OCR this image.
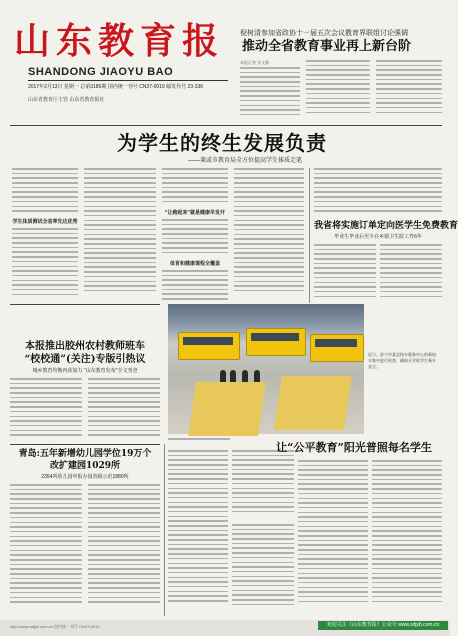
山东教育报
SHANDONG JIAOYU BAO
2017年2月13日 星期一 总第3186期 国内统一刊号 CN37-0019 邮发代号 23-336
山东省教育厅主管 山东省教育报社
倪树清参加省政协十一届五次会议教育界联组讨论强调
推动全省教育事业再上新台阶
本报记者 张文静
为学生的终生发展负责
——莱或市教育局全方位提高学生体质走笔
学生体质测试全省率先达优秀
“让跑起来”就是健康早发开
体育和健康课程全覆盖
我省将实施订单定向医学生免费教育
毕业生毕业后至少在乡镇卫生院工作6年
近日，济宁市某县校车服务中心的新校车集中进行检查，确保开学时学生乘车安全。
本报推出胶州农村教师班车
“校校通”(关注)专版引热议
城乡教育均衡再获加力 "山东教育发布"全文刊登
青岛:五年新增幼儿园学位19万个
改扩建园1029所
2354所幼儿园申报办园省级示范1880所
让“公平教育”阳光普照每名学生
http://www.sdjyb.com.cn 国内统一刊号 CN37-0019	欢迎关注《山东教育报》公众号 www.sdjyb.com.cn
